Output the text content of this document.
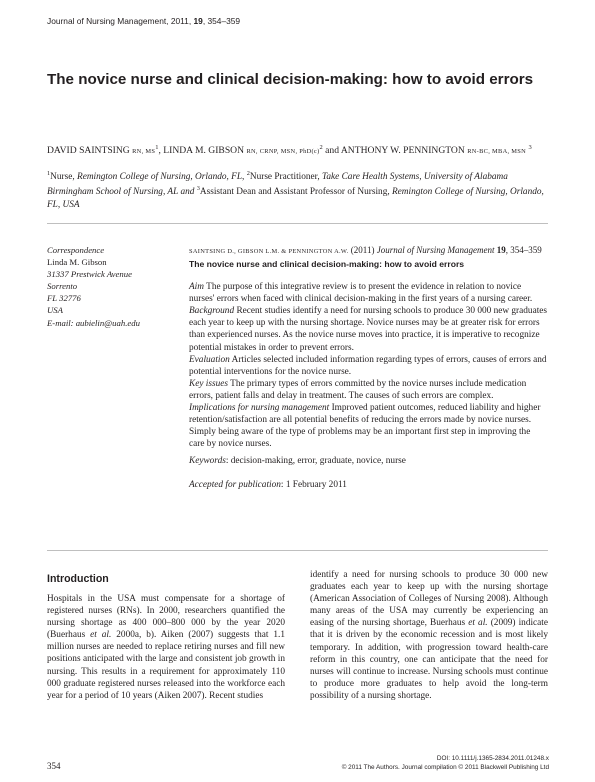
Journal of Nursing Management, 2011, 19, 354–359
The novice nurse and clinical decision-making: how to avoid errors
DAVID SAINTSING RN, $MS^1$, LINDA M. GIBSON RN, CRNP, MSN, $PhD(c)^2$ and ANTHONY W. PENNINGTON RN-BC, MBA, MSN $^3$
$^1$Nurse, Remington College of Nursing, Orlando, FL, $^2$Nurse Practitioner, Take Care Health Systems, University of Alabama Birmingham School of Nursing, AL and $^3$Assistant Dean and Assistant Professor of Nursing, Remington College of Nursing, Orlando, FL, USA
Correspondence
Linda M. Gibson
31337 Prestwick Avenue
Sorrento
FL 32776
USA
E-mail: aubielin@uah.edu
SAINTSING D., GIBSON L.M. & PENNINGTON A.W. (2011) Journal of Nursing Management 19, 354–359
The novice nurse and clinical decision-making: how to avoid errors

Aim The purpose of this integrative review is to present the evidence in relation to novice nurses' errors when faced with clinical decision-making in the first years of a nursing career.

Background Recent studies identify a need for nursing schools to produce 30 000 new graduates each year to keep up with the nursing shortage. Novice nurses may be at greater risk for errors than experienced nurses. As the novice nurse moves into practice, it is imperative to recognize potential mistakes in order to prevent errors.

Evaluation Articles selected included information regarding types of errors, causes of errors and potential interventions for the novice nurse.

Key issues The primary types of errors committed by the novice nurses include medication errors, patient falls and delay in treatment. The causes of such errors are complex.

Implications for nursing management Improved patient outcomes, reduced liability and higher retention/satisfaction are all potential benefits of reducing the errors made by novice nurses. Simply being aware of the type of problems may be an important first step in improving the care by novice nurses.

Keywords: decision-making, error, graduate, novice, nurse

Accepted for publication: 1 February 2011

Introduction
Hospitals in the USA must compensate for a shortage of registered nurses (RNs). In 2000, researchers quantified the nursing shortage as 400 000–800 000 by the year 2020 (Buerhaus et al. 2000a, b). Aiken (2007) suggests that 1.1 million nurses are needed to replace retiring nurses and fill new positions anticipated with the large and consistent job growth in nursing. This results in a requirement for approximately 110 000 graduate registered nurses released into the workforce each year for a period of 10 years (Aiken 2007). Recent studies
identify a need for nursing schools to produce 30 000 new graduates each year to keep up with the nursing shortage (American Association of Colleges of Nursing 2008). Although many areas of the USA may currently be experiencing an easing of the nursing shortage, Buerhaus et al. (2009) indicate that it is driven by the economic recession and is most likely temporary. In addition, with progression toward health-care reform in this country, one can anticipate that the need for nurses will continue to increase. Nursing schools must continue to produce more graduates to help avoid the long-term possibility of a nursing shortage.
354
DOI: 10.1111/j.1365-2834.2011.01248.x
© 2011 The Authors. Journal compilation © 2011 Blackwell Publishing Ltd
